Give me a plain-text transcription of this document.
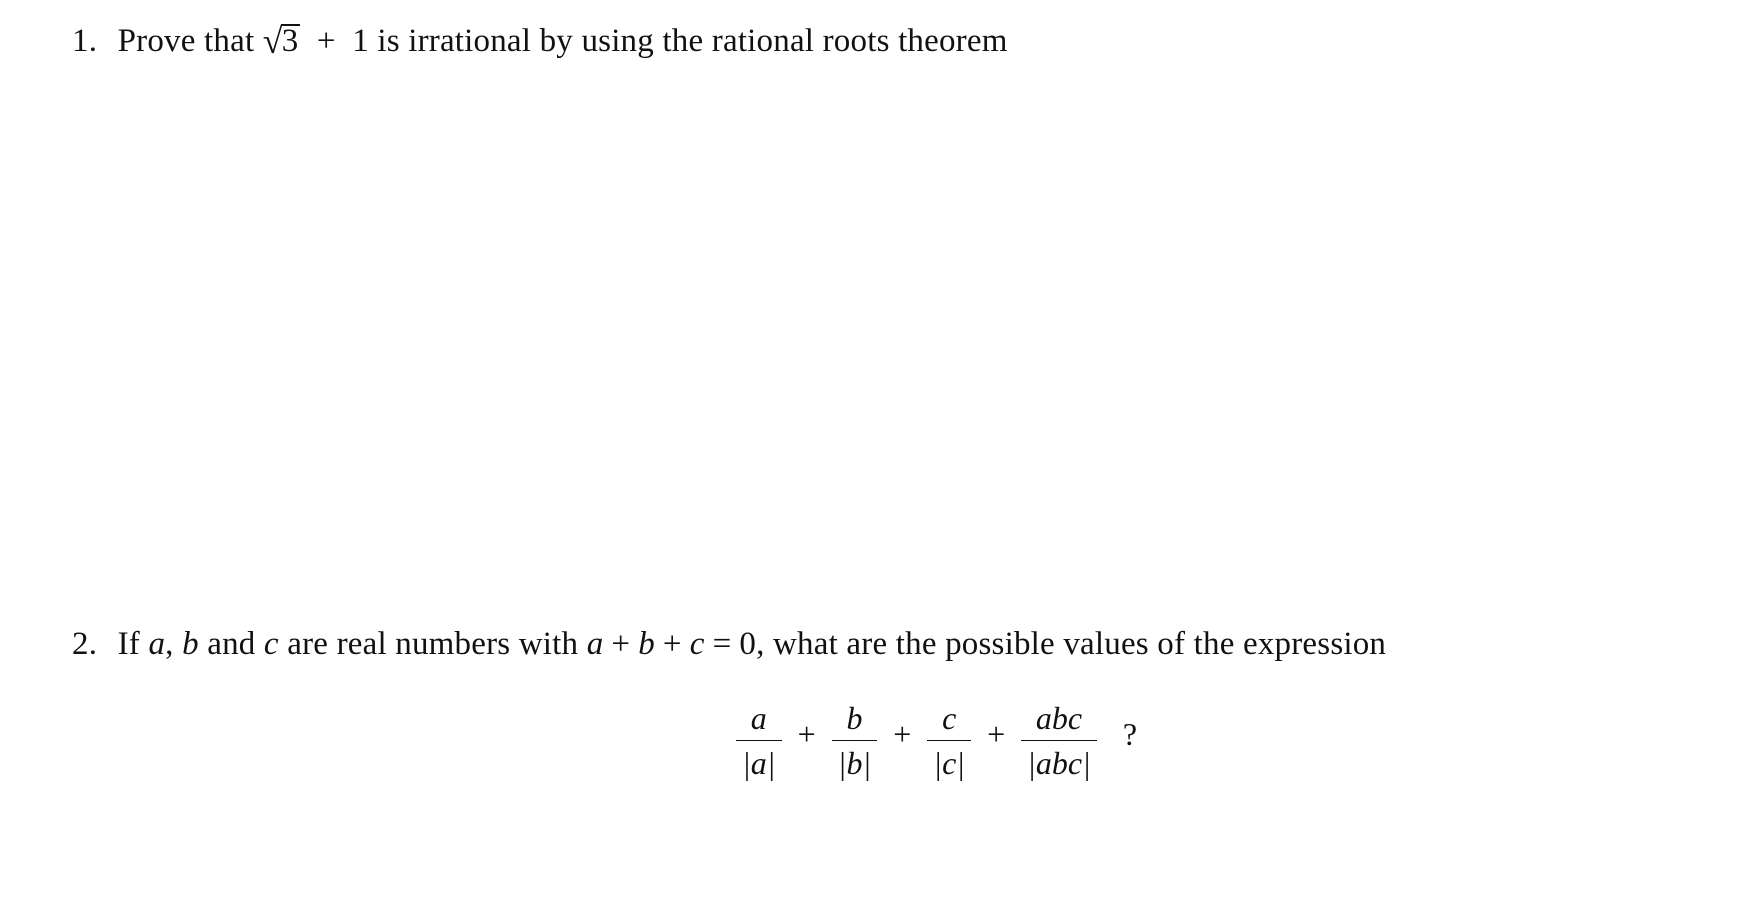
1. Prove that √3 + 1 is irrational by using the rational roots theorem
2. If a, b and c are real numbers with a + b + c = 0, what are the possible values of the expression
$\frac{a}{|a|} + \frac{b}{|b|} + \frac{c}{|c|} + \frac{\text{abc}}{\text{|abc|}}$ ?
